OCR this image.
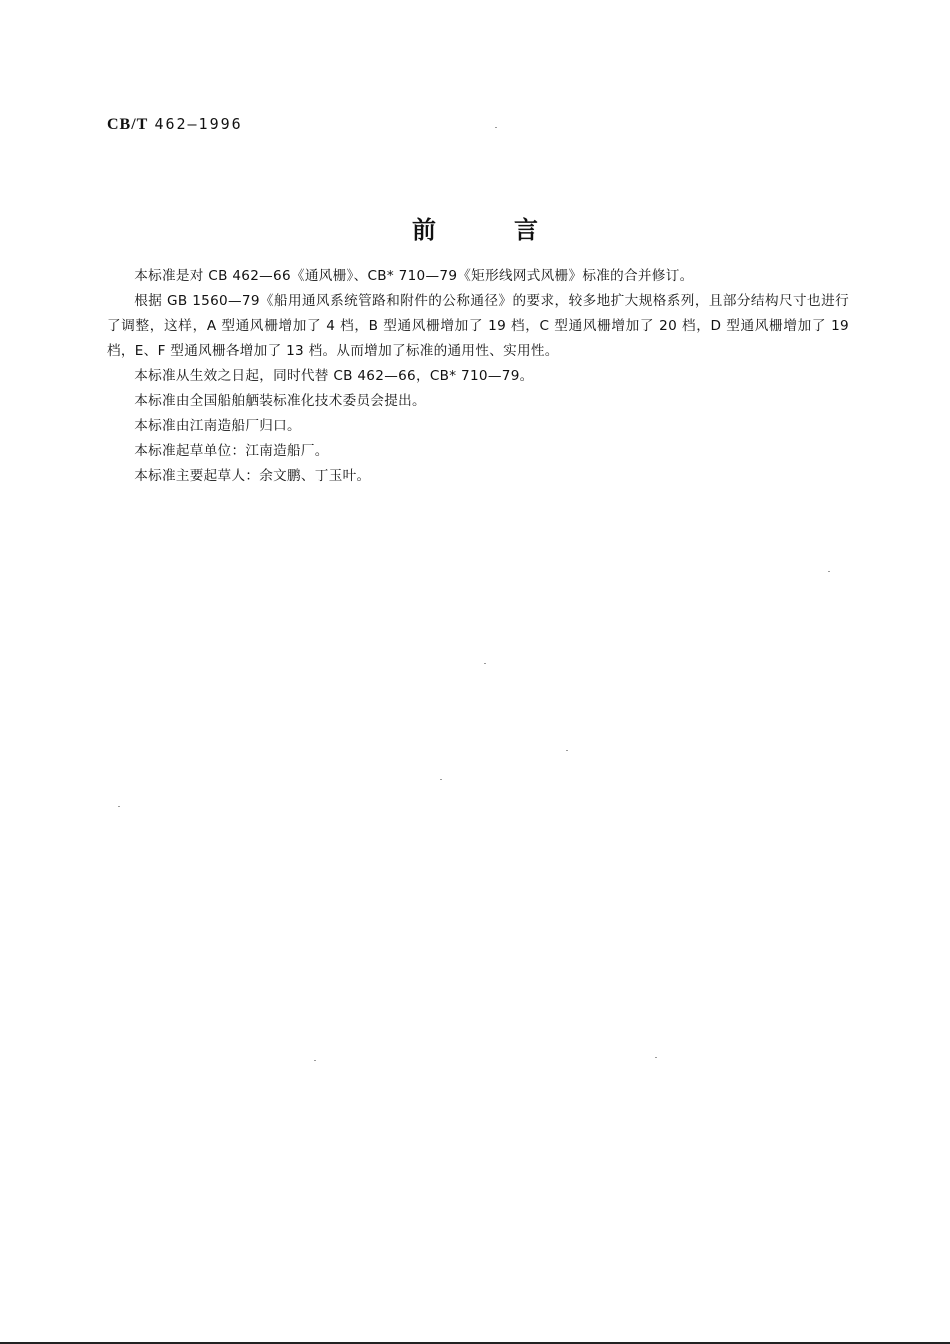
CB/T 462—1996
前言

本标准是对 CB 462—66《通风栅》、CB* 710—79《矩形线网式风栅》标准的合并修订。

根据 GB 1560—79《船用通风系统管路和附件的公称通径》的要求，较多地扩大规格系列，且部分结构尺寸也进行了调整，这样，A 型通风栅增加了 4 档，B 型通风栅增加了 19 档，C 型通风栅增加了 20 档，D 型通风栅增加了 19 档，E、F 型通风栅各增加了 13 档。从而增加了标准的通用性、实用性。

本标准从生效之日起，同时代替 CB 462—66，CB* 710—79。

本标准由全国船舶舾装标准化技术委员会提出。

本标准由江南造船厂归口。

本标准起草单位：江南造船厂。

本标准主要起草人：余文鹏、丁玉叶。
